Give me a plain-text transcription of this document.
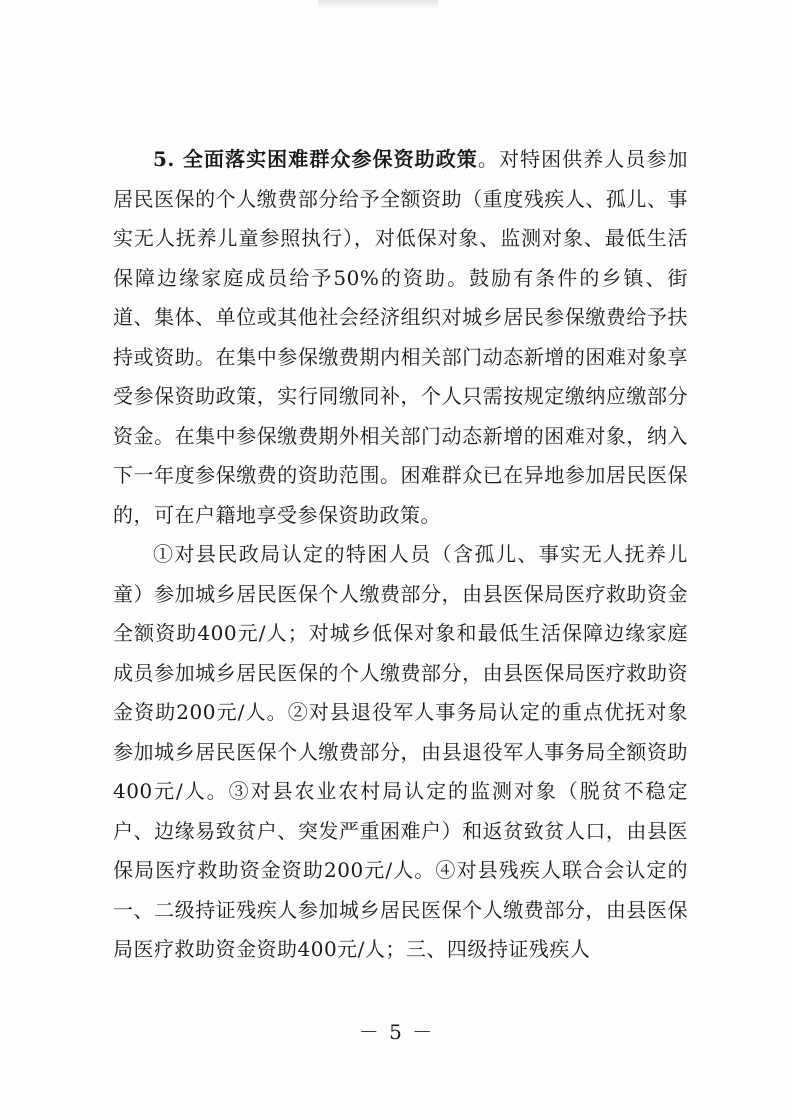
5. 全面落实困难群众参保资助政策。对特困供养人员参加居民医保的个人缴费部分给予全额资助（重度残疾人、孤儿、事实无人抚养儿童参照执行），对低保对象、监测对象、最低生活保障边缘家庭成员给予50%的资助。鼓励有条件的乡镇、街道、集体、单位或其他社会经济组织对城乡居民参保缴费给予扶持或资助。在集中参保缴费期内相关部门动态新增的困难对象享受参保资助政策，实行同缴同补，个人只需按规定缴纳应缴部分资金。在集中参保缴费期外相关部门动态新增的困难对象，纳入下一年度参保缴费的资助范围。困难群众已在异地参加居民医保的，可在户籍地享受参保资助政策。

①对县民政局认定的特困人员（含孤儿、事实无人抚养儿童）参加城乡居民医保个人缴费部分，由县医保局医疗救助资金全额资助400元/人；对城乡低保对象和最低生活保障边缘家庭成员参加城乡居民医保的个人缴费部分，由县医保局医疗救助资金资助200元/人。②对县退役军人事务局认定的重点优抚对象参加城乡居民医保个人缴费部分，由县退役军人事务局全额资助400元/人。③对县农业农村局认定的监测对象（脱贫不稳定户、边缘易致贫户、突发严重困难户）和返贫致贫人口，由县医保局医疗救助资金资助200元/人。④对县残疾人联合会认定的一、二级持证残疾人参加城乡居民医保个人缴费部分，由县医保局医疗救助资金资助400元/人；三、四级持证残疾人

－ 5 －
